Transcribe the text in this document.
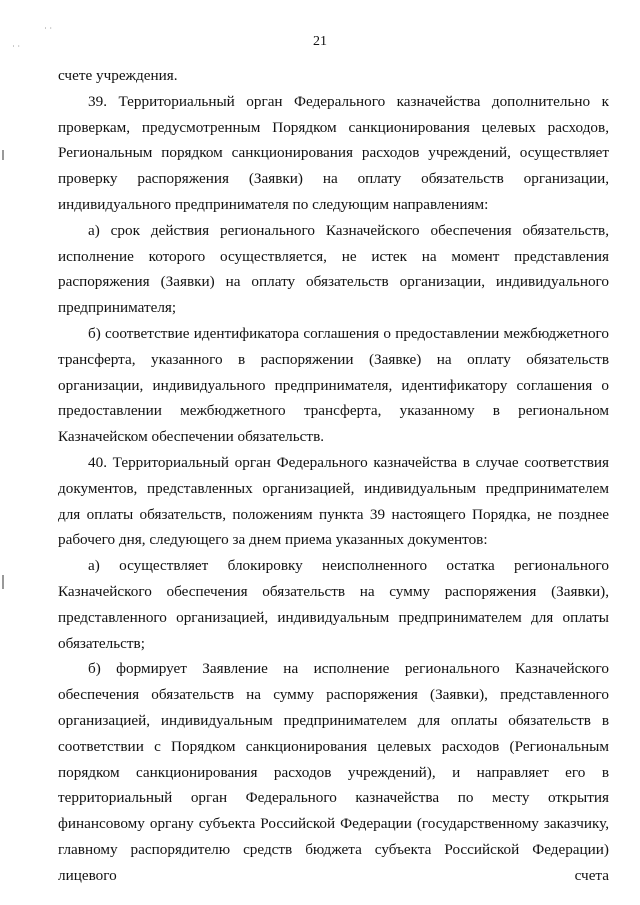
˙ ˙
˙ ˙	21

счете учреждения.

39. Территориальный орган Федерального казначейства дополнительно к проверкам, предусмотренным Порядком санкционирования целевых расходов, Региональным порядком санкционирования расходов учреждений, осуществляет проверку распоряжения (Заявки) на оплату обязательств организации, индивидуального предпринимателя по следующим направлениям:

а) срок действия регионального Казначейского обеспечения обязательств, исполнение которого осуществляется, не истек на момент представления распоряжения (Заявки) на оплату обязательств организации, индивидуального предпринимателя;

б) соответствие идентификатора соглашения о предоставлении межбюджетного трансферта, указанного в распоряжении (Заявке) на оплату обязательств организации, индивидуального предпринимателя, идентификатору соглашения о предоставлении межбюджетного трансферта, указанному в региональном Казначейском обеспечении обязательств.

40. Территориальный орган Федерального казначейства в случае соответствия документов, представленных организацией, индивидуальным предпринимателем для оплаты обязательств, положениям пункта 39 настоящего Порядка, не позднее рабочего дня, следующего за днем приема указанных документов:

а) осуществляет блокировку неисполненного остатка регионального Казначейского обеспечения обязательств на сумму распоряжения (Заявки), представленного организацией, индивидуальным предпринимателем для оплаты обязательств;

б) формирует Заявление на исполнение регионального Казначейского обеспечения обязательств на сумму распоряжения (Заявки), представленного организацией, индивидуальным предпринимателем для оплаты обязательств в соответствии с Порядком санкционирования целевых расходов (Региональным порядком санкционирования расходов учреждений), и направляет его в территориальный орган Федерального казначейства по месту открытия финансовому органу субъекта Российской Федерации (государственному заказчику, главному распорядителю средств бюджета субъекта Российской Федерации) лицевого счета
